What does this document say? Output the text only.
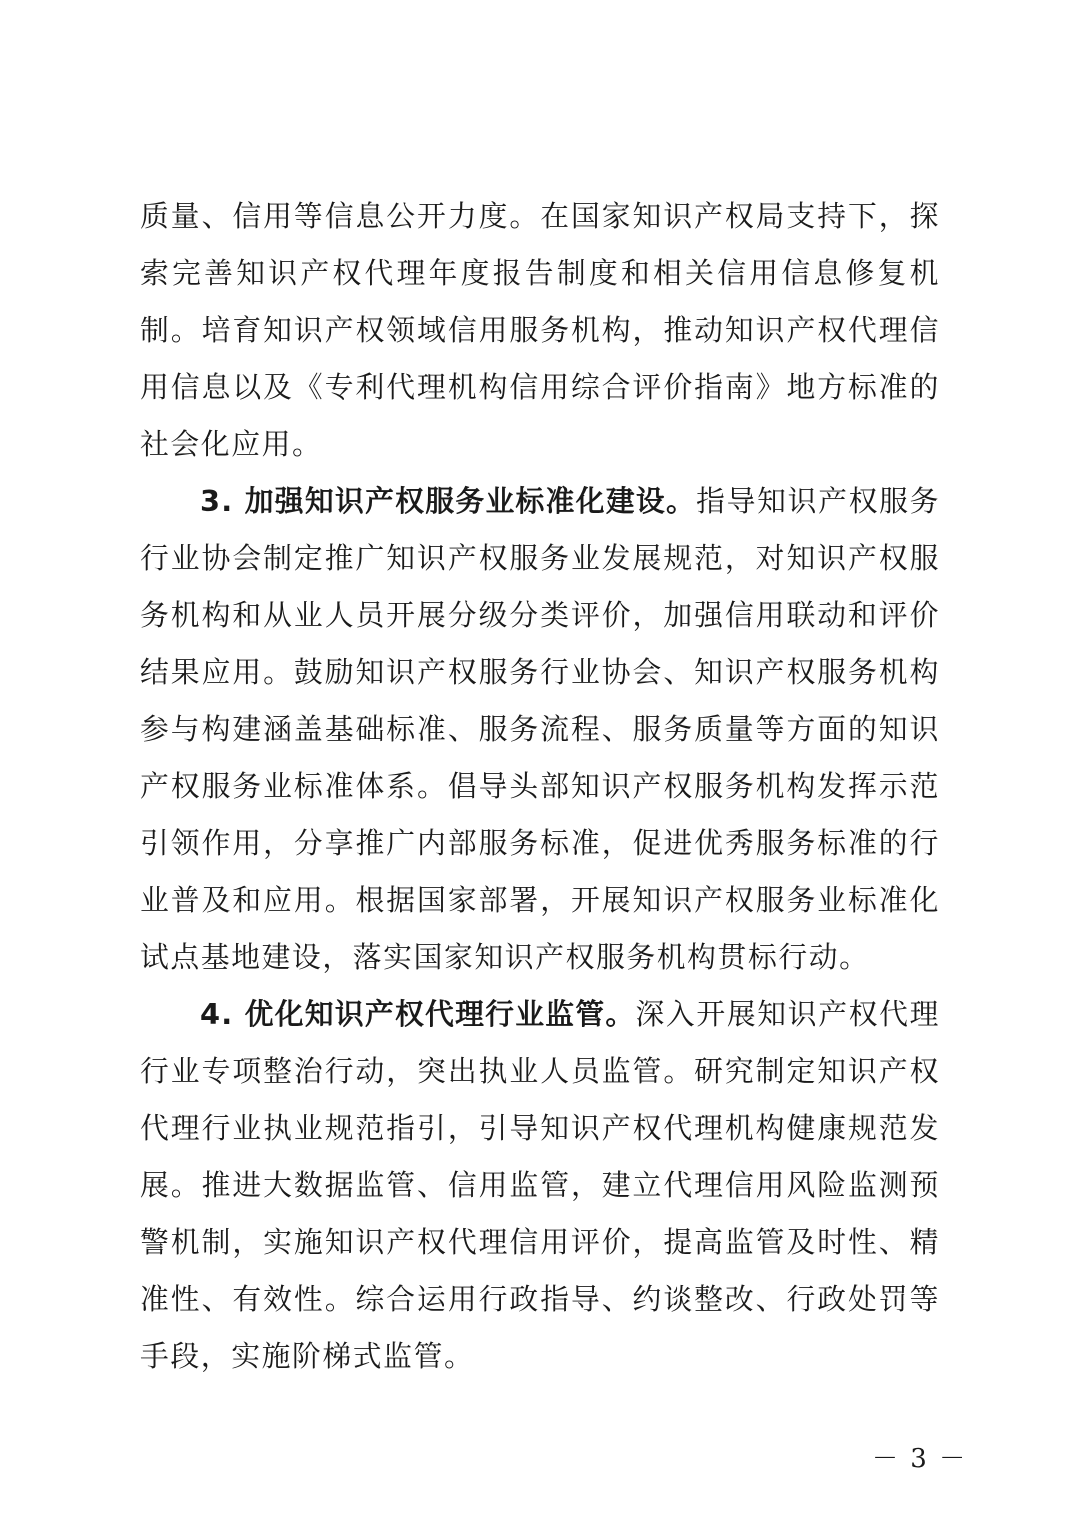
质量、信用等信息公开力度。在国家知识产权局支持下，探索完善知识产权代理年度报告制度和相关信用信息修复机制。培育知识产权领域信用服务机构，推动知识产权代理信用信息以及《专利代理机构信用综合评价指南》地方标准的社会化应用。

3. 加强知识产权服务业标准化建设。指导知识产权服务行业协会制定推广知识产权服务业发展规范，对知识产权服务机构和从业人员开展分级分类评价，加强信用联动和评价结果应用。鼓励知识产权服务行业协会、知识产权服务机构参与构建涵盖基础标准、服务流程、服务质量等方面的知识产权服务业标准体系。倡导头部知识产权服务机构发挥示范引领作用，分享推广内部服务标准，促进优秀服务标准的行业普及和应用。根据国家部署，开展知识产权服务业标准化试点基地建设，落实国家知识产权服务机构贯标行动。

4. 优化知识产权代理行业监管。深入开展知识产权代理行业专项整治行动，突出执业人员监管。研究制定知识产权代理行业执业规范指引，引导知识产权代理机构健康规范发展。推进大数据监管、信用监管，建立代理信用风险监测预警机制，实施知识产权代理信用评价，提高监管及时性、精准性、有效性。综合运用行政指导、约谈整改、行政处罚等手段，实施阶梯式监管。

－ 3 －
